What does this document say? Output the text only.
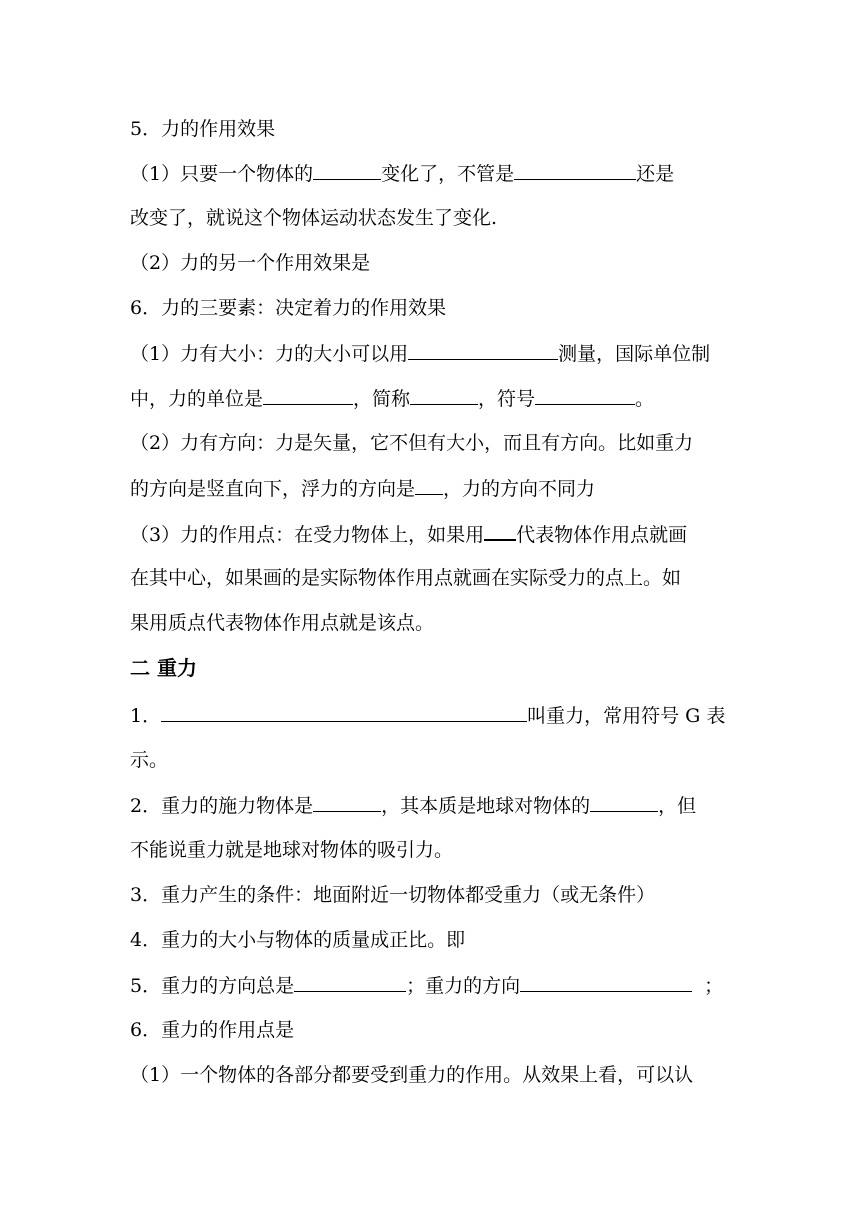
5．力的作用效果
（1）只要一个物体的	变化了，不管是	还是
改变了，就说这个物体运动状态发生了变化.
（2）力的另一个作用效果是
6．力的三要素：决定着力的作用效果
（1）力有大小：力的大小可以用	测量，国际单位制
中，力的单位是	，简称	，符号	。
（2）力有方向：力是矢量，它不但有大小，而且有方向。比如重力
的方向是竖直向下，浮力的方向是 ，力的方向不同力
（3）力的作用点：在受力物体上，如果用 代表物体作用点就画
在其中心，如果画的是实际物体作用点就画在实际受力的点上。如
果用质点代表物体作用点就是该点。
二 重力
1．	叫重力，常用符号 G 表
示。
2．重力的施力物体是	，其本质是地球对物体的	，但
不能说重力就是地球对物体的吸引力。
3．重力产生的条件：地面附近一切物体都受重力（或无条件）
4．重力的大小与物体的质量成正比。即
5．重力的方向总是	；重力的方向	；
6．重力的作用点是
（1）一个物体的各部分都要受到重力的作用。从效果上看，可以认
